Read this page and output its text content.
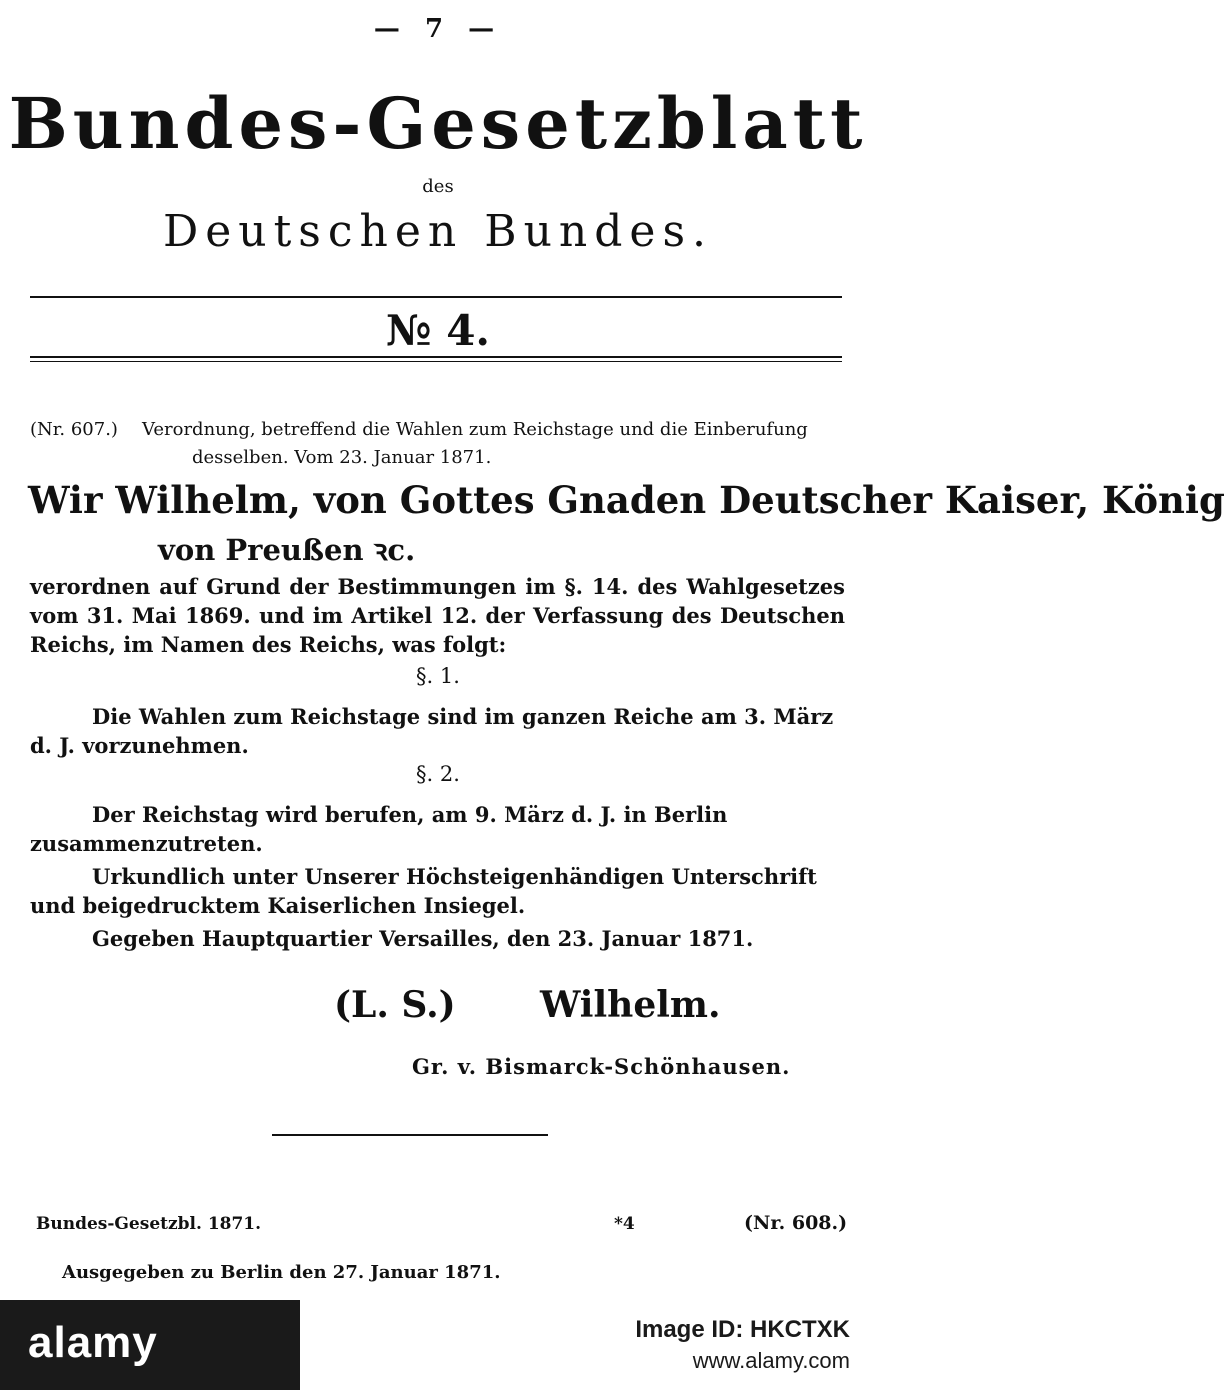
— 7 —
Bundes-Gesetzblatt
des
Deutschen Bundes.
№ 4.
(Nr. 607.) Verordnung, betreffend die Wahlen zum Reichstage und die Einberufung
desselben. Vom 23. Januar 1871.
Wir Wilhelm, von Gottes Gnaden Deutscher Kaiser, König
von Preußen ꝛc.
verordnen auf Grund der Bestimmungen im §. 14. des Wahlgesetzes vom 31. Mai 1869. und im Artikel 12. der Verfassung des Deutschen Reichs, im Namen des Reichs, was folgt:
§. 1.
Die Wahlen zum Reichstage sind im ganzen Reiche am 3. März d. J. vorzunehmen.
§. 2.
Der Reichstag wird berufen, am 9. März d. J. in Berlin zusammenzutreten.
Urkundlich unter Unserer Höchsteigenhändigen Unterschrift und beigedrucktem Kaiserlichen Insiegel.
Gegeben Hauptquartier Versailles, den 23. Januar 1871.
(L. S.) Wilhelm.
Gr. v. Bismarck-Schönhausen.
Bundes-Gesetzbl. 1871.	*4	(Nr. 608.)
Ausgegeben zu Berlin den 27. Januar 1871.
alamy	Image ID: HKCTXK
www.alamy.com
